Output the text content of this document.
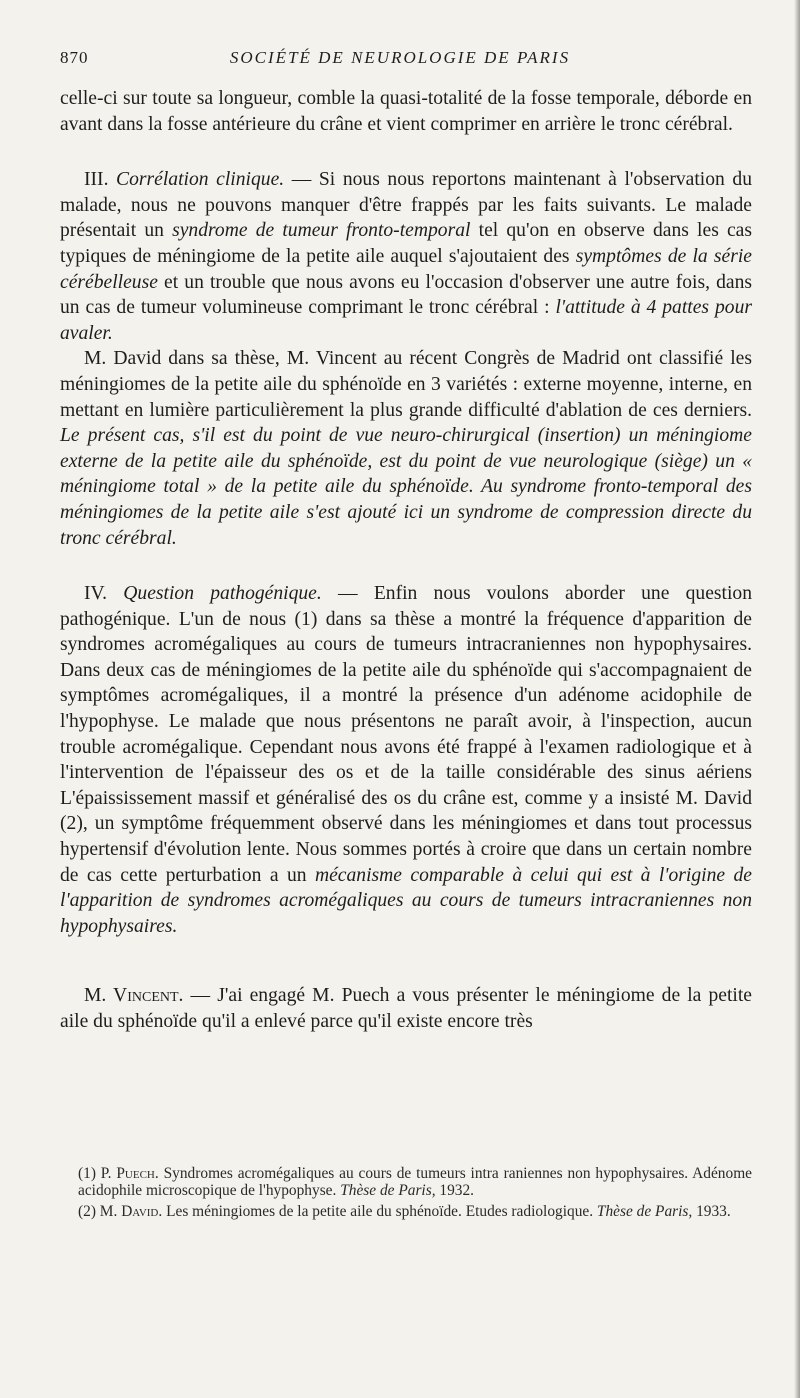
870	SOCIÉTÉ DE NEUROLOGIE DE PARIS

celle-ci sur toute sa longueur, comble la quasi-totalité de la fosse temporale, déborde en avant dans la fosse antérieure du crâne et vient comprimer en arrière le tronc cérébral.

III. Corrélation clinique. — Si nous nous reportons maintenant à l'observation du malade, nous ne pouvons manquer d'être frappés par les faits suivants. Le malade présentait un syndrome de tumeur fronto-temporal tel qu'on en observe dans les cas typiques de méningiome de la petite aile auquel s'ajoutaient des symptômes de la série cérébelleuse et un trouble que nous avons eu l'occasion d'observer une autre fois, dans un cas de tumeur volumineuse comprimant le tronc cérébral : l'attitude à 4 pattes pour avaler.

M. David dans sa thèse, M. Vincent au récent Congrès de Madrid ont classifié les méningiomes de la petite aile du sphénoïde en 3 variétés : externe moyenne, interne, en mettant en lumière particulièrement la plus grande difficulté d'ablation de ces derniers. Le présent cas, s'il est du point de vue neuro-chirurgical (insertion) un méningiome externe de la petite aile du sphénoïde, est du point de vue neurologique (siège) un « méningiome total » de la petite aile du sphénoïde. Au syndrome fronto-temporal des méningiomes de la petite aile s'est ajouté ici un syndrome de compression directe du tronc cérébral.

IV. Question pathogénique. — Enfin nous voulons aborder une question pathogénique. L'un de nous (1) dans sa thèse a montré la fréquence d'apparition de syndromes acromégaliques au cours de tumeurs intracraniennes non hypophysaires. Dans deux cas de méningiomes de la petite aile du sphénoïde qui s'accompagnaient de symptômes acromégaliques, il a montré la présence d'un adénome acidophile de l'hypophyse. Le malade que nous présentons ne paraît avoir, à l'inspection, aucun trouble acromégalique. Cependant nous avons été frappé à l'examen radiologique et à l'intervention de l'épaisseur des os et de la taille considérable des sinus aériens L'épaississement massif et généralisé des os du crâne est, comme y a insisté M. David (2), un symptôme fréquemment observé dans les méningiomes et dans tout processus hypertensif d'évolution lente. Nous sommes portés à croire que dans un certain nombre de cas cette perturbation a un mécanisme comparable à celui qui est à l'origine de l'apparition de syndromes acromégaliques au cours de tumeurs intracraniennes non hypophysaires.

M. Vincent. — J'ai engagé M. Puech a vous présenter le méningiome de la petite aile du sphénoïde qu'il a enlevé parce qu'il existe encore très

(1) P. Puech. Syndromes acromégaliques au cours de tumeurs intra raniennes non hypophysaires. Adénome acidophile microscopique de l'hypophyse. Thèse de Paris, 1932.

(2) M. David. Les méningiomes de la petite aile du sphénoïde. Etudes radiologique. Thèse de Paris, 1933.
